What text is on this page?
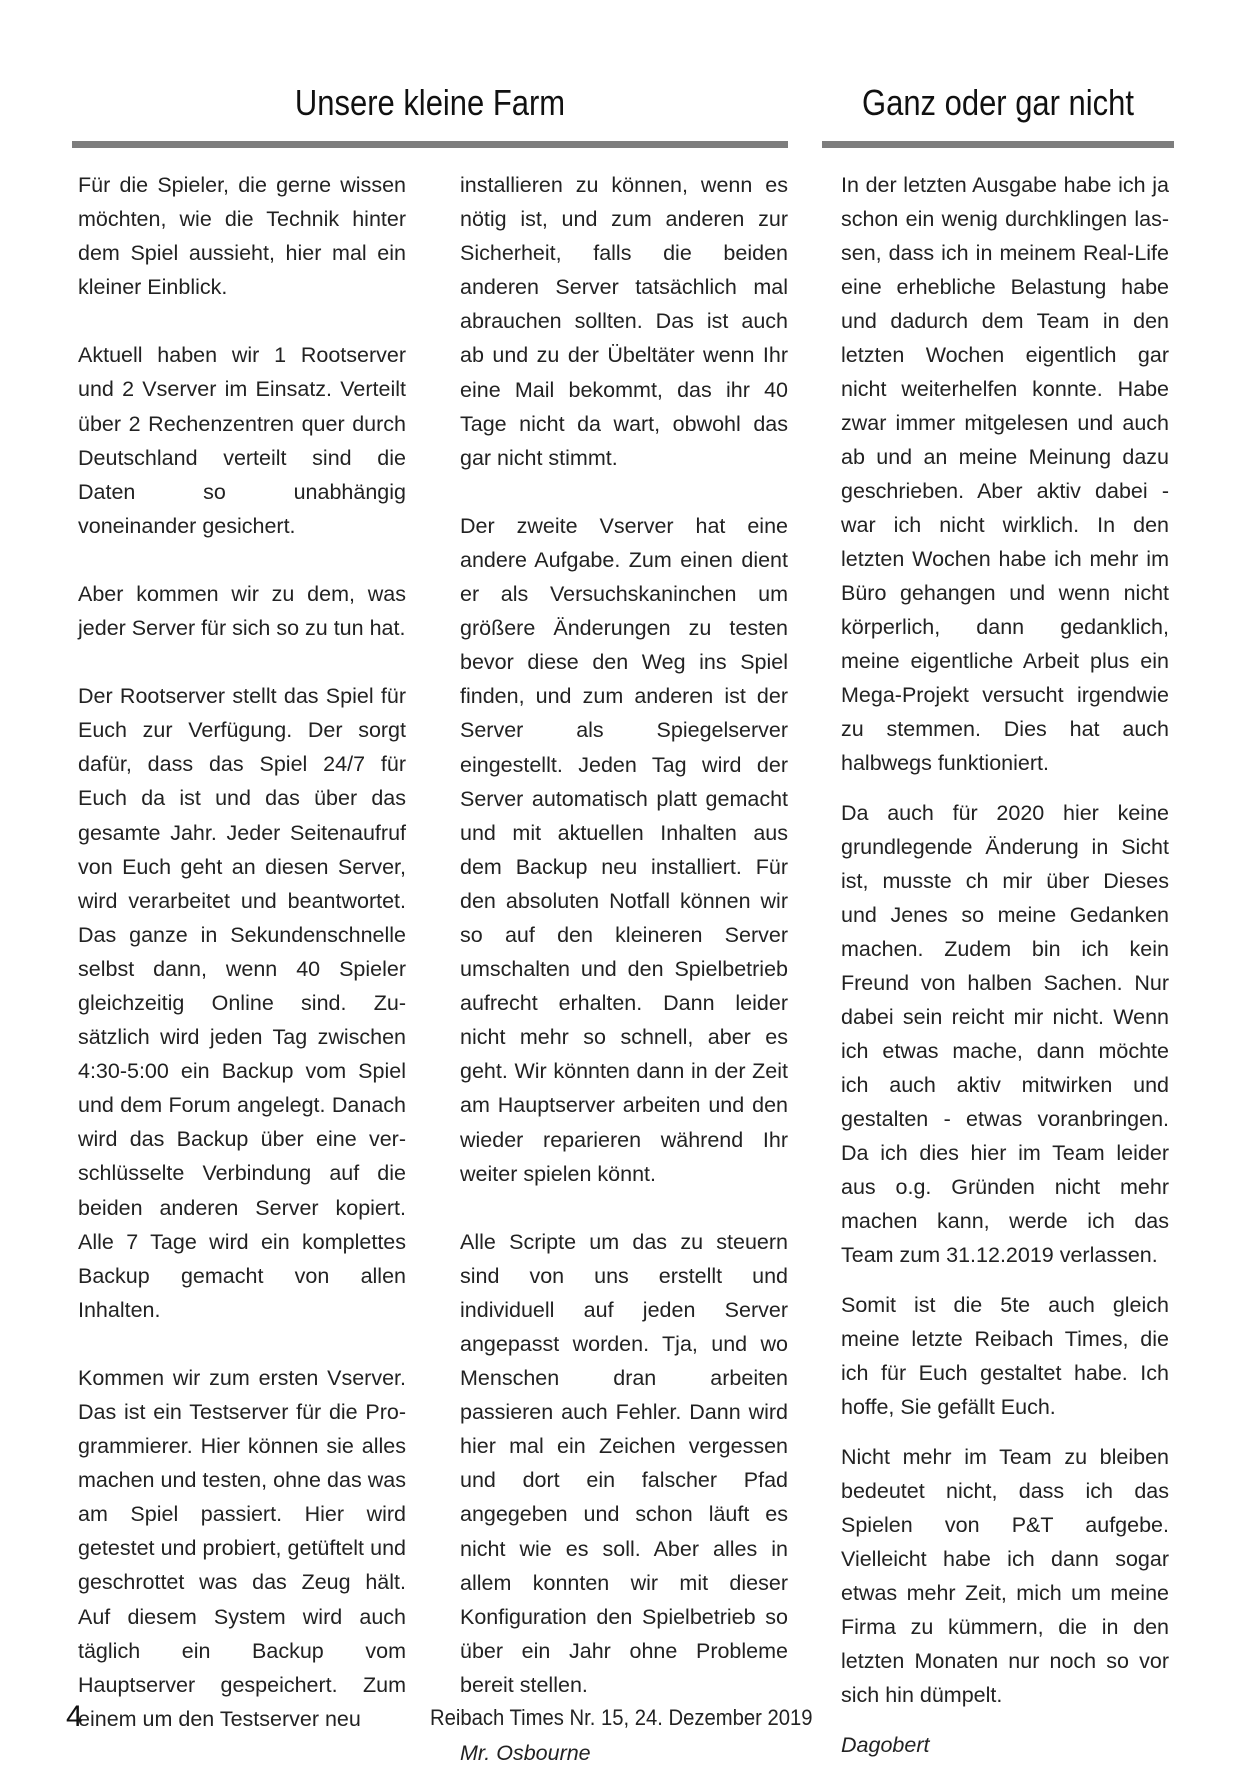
Unsere kleine Farm	Ganz oder gar nicht

Für die Spieler, die gerne wissen möchten, wie die Technik hinter dem Spiel aussieht, hier mal ein kleiner Einblick.

Aktuell haben wir 1 Rootserver und 2 Vserver im Einsatz. Verteilt über 2 Rechenzentren quer durch Deutschland verteilt sind die Daten so unabhängig voneinander gesichert.

Aber kommen wir zu dem, was jeder Server für sich so zu tun hat.

Der Rootserver stellt das Spiel für Euch zur Verfügung. Der sorgt dafür, dass das Spiel 24/7 für Euch da ist und das über das gesamte Jahr. Jeder Seitenaufruf von Euch geht an diesen Server, wird verarbeitet und beantwortet. Das ganze in Sekundenschnelle selbst dann, wenn 40 Spieler gleichzeitig Online sind. Zusätzlich wird jeden Tag zwischen 4:30-5:00 ein Backup vom Spiel und dem Forum angelegt. Danach wird das Backup über eine verschlüsselte Verbindung auf die beiden anderen Server kopiert. Alle 7 Tage wird ein komplettes Backup gemacht von allen Inhalten.

Kommen wir zum ersten Vserver. Das ist ein Testserver für die Programmierer. Hier können sie alles machen und testen, ohne das was am Spiel passiert. Hier wird getestet und probiert, getüftelt und geschrottet was das Zeug hält. Auf diesem System wird auch täglich ein Backup vom Hauptserver gespeichert. Zum einem um den Testserver neu

installieren zu können, wenn es nötig ist, und zum anderen zur Sicherheit, falls die beiden anderen Server tatsächlich mal abrauchen sollten. Das ist auch ab und zu der Übeltäter wenn Ihr eine Mail bekommt, das ihr 40 Tage nicht da wart, obwohl das gar nicht stimmt.

Der zweite Vserver hat eine andere Aufgabe. Zum einen dient er als Versuchskaninchen um größere Änderungen zu testen bevor diese den Weg ins Spiel finden, und zum anderen ist der Server als Spiegelserver eingestellt. Jeden Tag wird der Server automatisch platt gemacht und mit aktuellen Inhalten aus dem Backup neu installiert. Für den absoluten Notfall können wir so auf den kleineren Server umschalten und den Spielbetrieb aufrecht erhalten. Dann leider nicht mehr so schnell, aber es geht. Wir könnten dann in der Zeit am Hauptserver arbeiten und den wieder reparieren während Ihr weiter spielen könnt.

Alle Scripte um das zu steuern sind von uns erstellt und individuell auf jeden Server angepasst worden. Tja, und wo Menschen dran arbeiten passieren auch Fehler. Dann wird hier mal ein Zeichen vergessen und dort ein falscher Pfad angegeben und schon läuft es nicht wie es soll. Aber alles in allem konnten wir mit dieser Konfiguration den Spielbetrieb so über ein Jahr ohne Probleme bereit stellen.

Mr. Osbourne

In der letzten Ausgabe habe ich ja schon ein wenig durchklingen lassen, dass ich in meinem Real-Life eine erhebliche Belastung habe und dadurch dem Team in den letzten Wochen eigentlich gar nicht weiterhelfen konnte. Habe zwar immer mitgelesen und auch ab und an meine Meinung dazu geschrieben. Aber aktiv dabei - war ich nicht wirklich. In den letzten Wochen habe ich mehr im Büro gehangen und wenn nicht körperlich, dann gedanklich, meine eigentliche Arbeit plus ein Mega-Projekt versucht irgendwie zu stemmen. Dies hat auch halbwegs funktioniert.

Da auch für 2020 hier keine grundlegende Änderung in Sicht ist, musste ch mir über Dieses und Jenes so meine Gedanken machen. Zudem bin ich kein Freund von halben Sachen. Nur dabei sein reicht mir nicht. Wenn ich etwas mache, dann möchte ich auch aktiv mitwirken und gestalten - etwas voranbringen. Da ich dies hier im Team leider aus o.g. Gründen nicht mehr machen kann, werde ich das Team zum 31.12.2019 verlassen.

Somit ist die 5te auch gleich meine letzte Reibach Times, die ich für Euch gestaltet habe. Ich hoffe, Sie gefällt Euch.

Nicht mehr im Team zu bleiben bedeutet nicht, dass ich das Spielen von P&T aufgebe. Vielleicht habe ich dann sogar etwas mehr Zeit, mich um meine Firma zu kümmern, die in den letzten Monaten nur noch so vor sich hin dümpelt.

Dagobert
4	Reibach Times Nr. 15, 24. Dezember 2019
